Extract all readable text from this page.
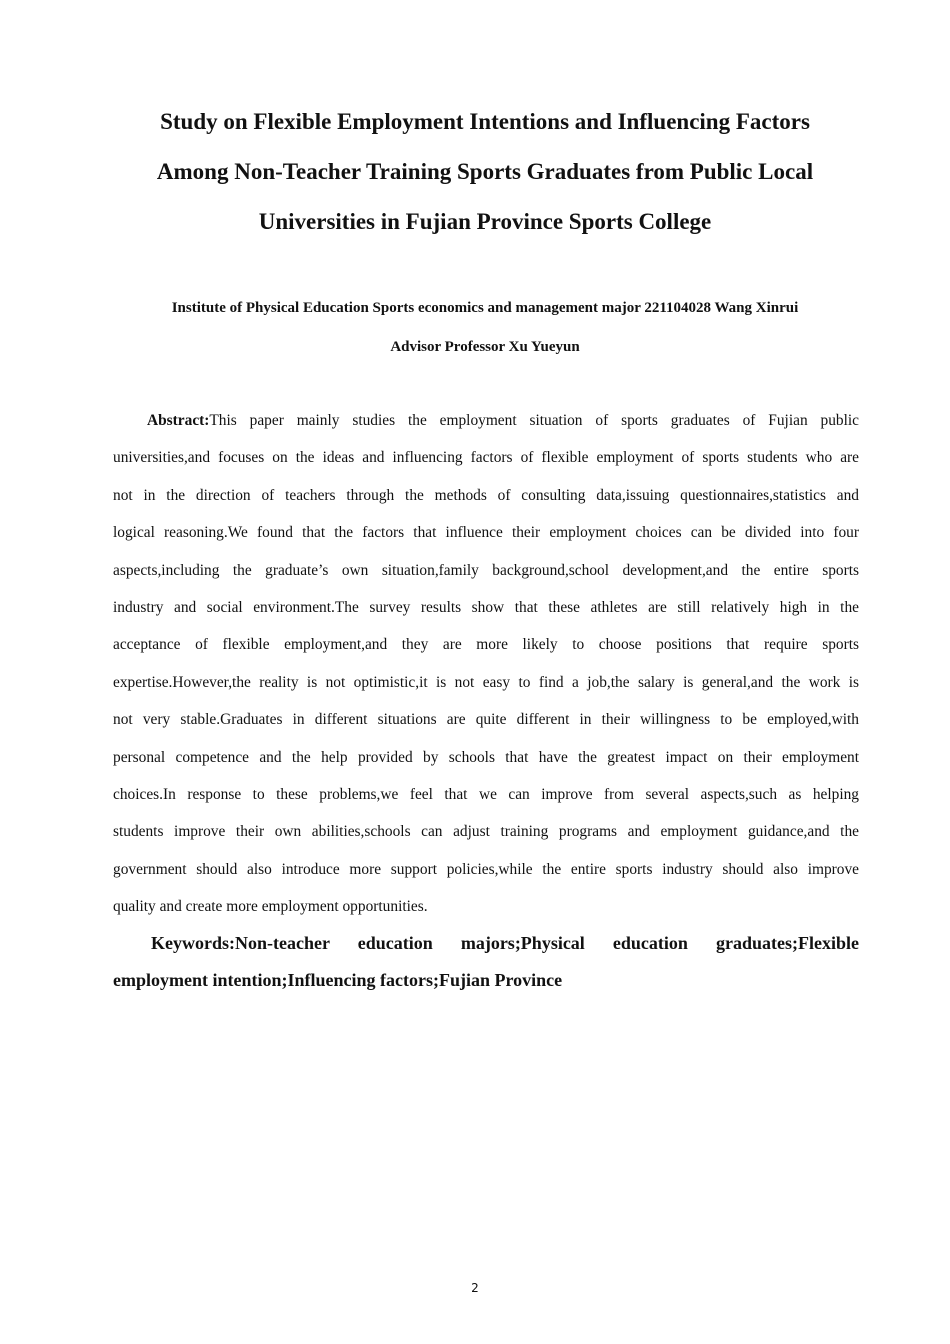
Study on Flexible Employment Intentions and Influencing Factors
Among Non-Teacher Training Sports Graduates from Public Local
Universities in Fujian Province Sports College
Institute of Physical Education Sports economics and management major 221104028 Wang Xinrui
Advisor Professor Xu Yueyun
Abstract:This paper mainly studies the employment situation of sports graduates of Fujian public
universities,and focuses on the ideas and influencing factors of flexible employment of sports students who are
not in the direction of teachers through the methods of consulting data,issuing questionnaires,statistics and
logical reasoning.We found that the factors that influence their employment choices can be divided into four
aspects,including the graduate’s own situation,family background,school development,and the entire sports
industry and social environment.The survey results show that these athletes are still relatively high in the
acceptance of flexible employment,and they are more likely to choose positions that require sports
expertise.However,the reality is not optimistic,it is not easy to find a job,the salary is general,and the work is
not very stable.Graduates in different situations are quite different in their willingness to be employed,with
personal competence and the help provided by schools that have the greatest impact on their employment
choices.In response to these problems,we feel that we can improve from several aspects,such as helping
students improve their own abilities,schools can adjust training programs and employment guidance,and the
government should also introduce more support policies,while the entire sports industry should also improve
quality and create more employment opportunities.
Keywords:Non-teacher education majors;Physical education graduates;Flexible
employment intention;Influencing factors;Fujian Province
2
